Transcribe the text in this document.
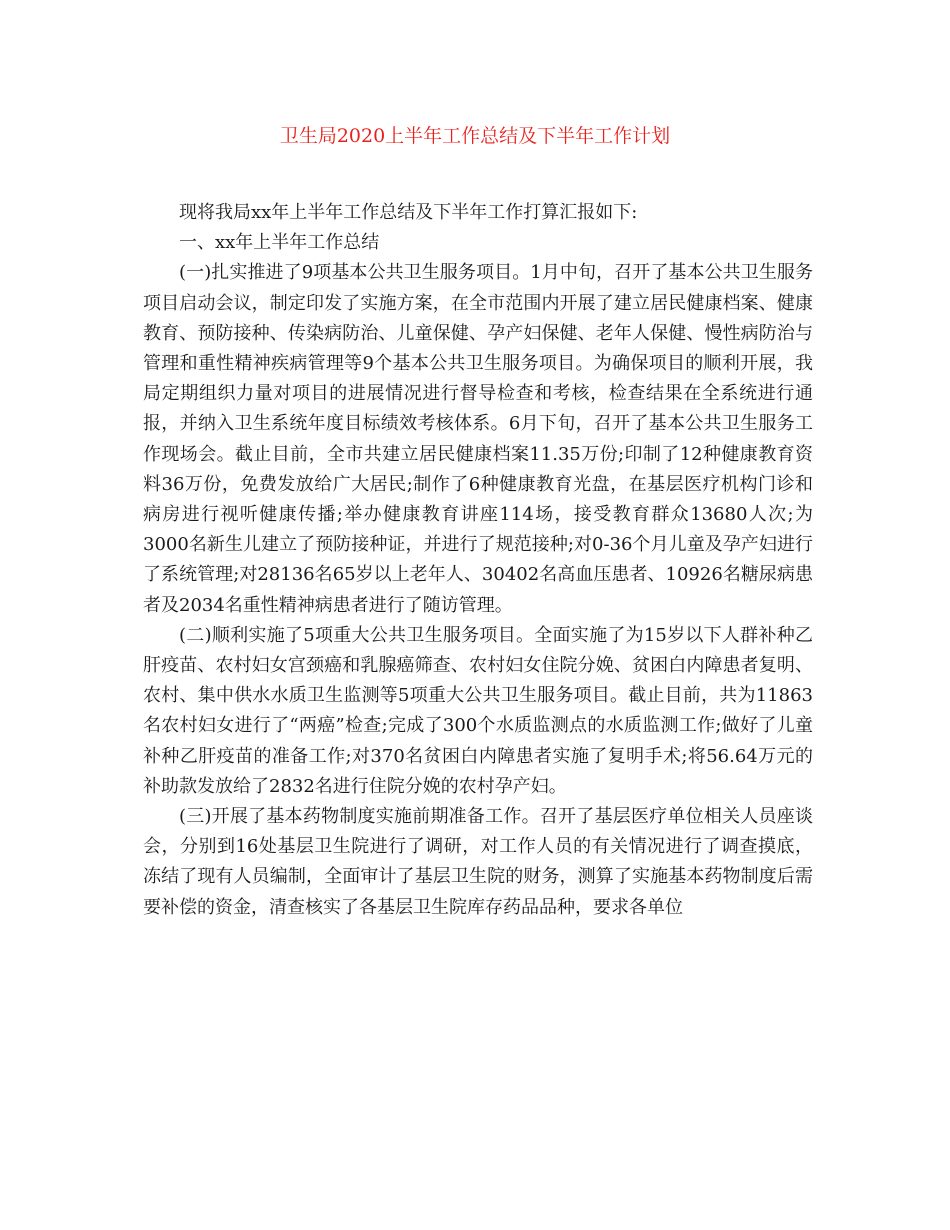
卫生局2020上半年工作总结及下半年工作计划

现将我局xx年上半年工作总结及下半年工作打算汇报如下:

一、xx年上半年工作总结

(一)扎实推进了9项基本公共卫生服务项目。1月中旬，召开了基本公共卫生服务项目启动会议，制定印发了实施方案，在全市范围内开展了建立居民健康档案、健康教育、预防接种、传染病防治、儿童保健、孕产妇保健、老年人保健、慢性病防治与管理和重性精神疾病管理等9个基本公共卫生服务项目。为确保项目的顺利开展，我局定期组织力量对项目的进展情况进行督导检查和考核，检查结果在全系统进行通报，并纳入卫生系统年度目标绩效考核体系。6月下旬，召开了基本公共卫生服务工作现场会。截止目前，全市共建立居民健康档案11.35万份;印制了12种健康教育资料36万份，免费发放给广大居民;制作了6种健康教育光盘，在基层医疗机构门诊和病房进行视听健康传播;举办健康教育讲座114场，接受教育群众13680人次;为3000名新生儿建立了预防接种证，并进行了规范接种;对0-36个月儿童及孕产妇进行了系统管理;对28136名65岁以上老年人、30402名高血压患者、10926名糖尿病患者及2034名重性精神病患者进行了随访管理。

(二)顺利实施了5项重大公共卫生服务项目。全面实施了为15岁以下人群补种乙肝疫苗、农村妇女宫颈癌和乳腺癌筛查、农村妇女住院分娩、贫困白内障患者复明、农村、集中供水水质卫生监测等5项重大公共卫生服务项目。截止目前，共为11863名农村妇女进行了“两癌”检查;完成了300个水质监测点的水质监测工作;做好了儿童补种乙肝疫苗的准备工作;对370名贫困白内障患者实施了复明手术;将56.64万元的补助款发放给了2832名进行住院分娩的农村孕产妇。

(三)开展了基本药物制度实施前期准备工作。召开了基层医疗单位相关人员座谈会，分别到16处基层卫生院进行了调研，对工作人员的有关情况进行了调查摸底，冻结了现有人员编制，全面审计了基层卫生院的财务，测算了实施基本药物制度后需要补偿的资金，清查核实了各基层卫生院库存药品品种，要求各单位
